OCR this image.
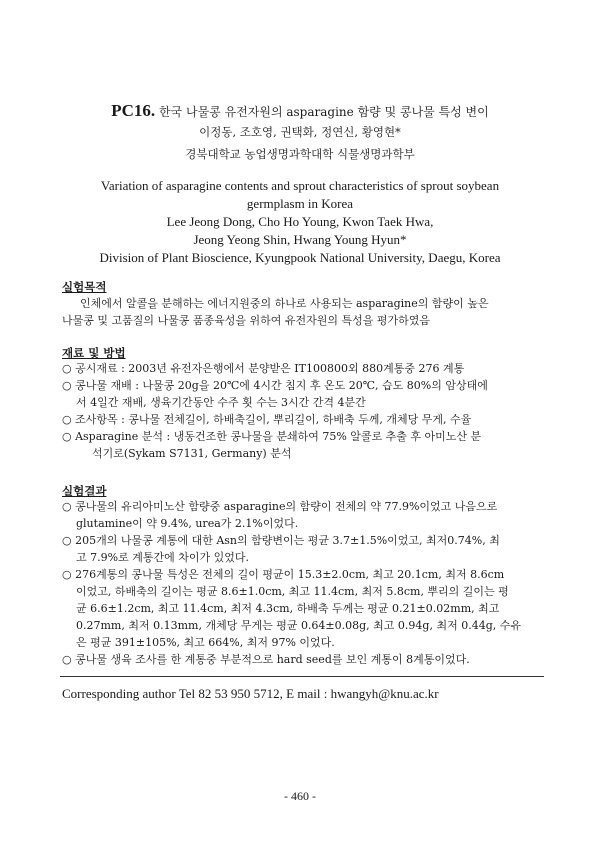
PC16. 한국 나물콩 유전자원의 asparagine 함량 및 콩나물 특성 변이
이정동, 조호영, 권택화, 정연신, 황영현*
경북대학교 농업생명과학대학 식물생명과학부
Variation of asparagine contents and sprout characteristics of sprout soybean
germplasm in Korea
Lee Jeong Dong, Cho Ho Young, Kwon Taek Hwa,
Jeong Yeong Shin, Hwang Young Hyun*
Division of Plant Bioscience, Kyungpook National University, Daegu, Korea
실험목적
인체에서 알콜을 분해하는 에너지원중의 하나로 사용되는 asparagine의 함량이 높은
나물콩 및 고품질의 나물콩 품종육성을 위하여 유전자원의 특성을 평가하였음
재료 및 방법
○ 공시재료 : 2003년 유전자은행에서 분양받은 IT100800외 880계통중 276 계통
○ 콩나물 재배 : 나물콩 20g을 20℃에 4시간 침지 후 온도 20℃, 습도 80%의 암상태에
서 4일간 재배, 생육기간동안 수주 횟 수는 3시간 간격 4분간
○ 조사항목 : 콩나물 전체길이, 하배축길이, 뿌리길이, 하배축 두께, 개체당 무게, 수율
○ Asparagine 분석 : 냉동건조한 콩나물을 분쇄하여 75% 알콜로 추출 후 아미노산 분
석기로(Sykam S7131, Germany) 분석
실험결과
○ 콩나물의 유리아미노산 함량중 asparagine의 함량이 전체의 약 77.9%이었고 나음으로
glutamine이 약 9.4%, urea가 2.1%이었다.
○ 205개의 나물콩 계통에 대한 Asn의 함량변이는 평균 3.7±1.5%이었고, 최저0.74%, 최
고 7.9%로 계통간에 차이가 있었다.
○ 276계통의 콩나물 특성은 전체의 길이 평균이 15.3±2.0cm, 최고 20.1cm, 최저 8.6cm
이었고, 하배축의 길이는 평균 8.6±1.0cm, 최고 11.4cm, 최저 5.8cm, 뿌리의 길이는 평
균 6.6±1.2cm, 최고 11.4cm, 최저 4.3cm, 하배축 두께는 평균 0.21±0.02mm, 최고
0.27mm, 최저 0.13mm, 개체당 무게는 평균 0.64±0.08g, 최고 0.94g, 최저 0.44g, 수유
은 평균 391±105%, 최고 664%, 최저 97% 이었다.
○ 콩나물 생육 조사를 한 계통중 부분적으로 hard seed를 보인 계통이 8계통이었다.
Corresponding author Tel 82 53 950 5712, E mail : hwangyh@knu.ac.kr
- 460 -
